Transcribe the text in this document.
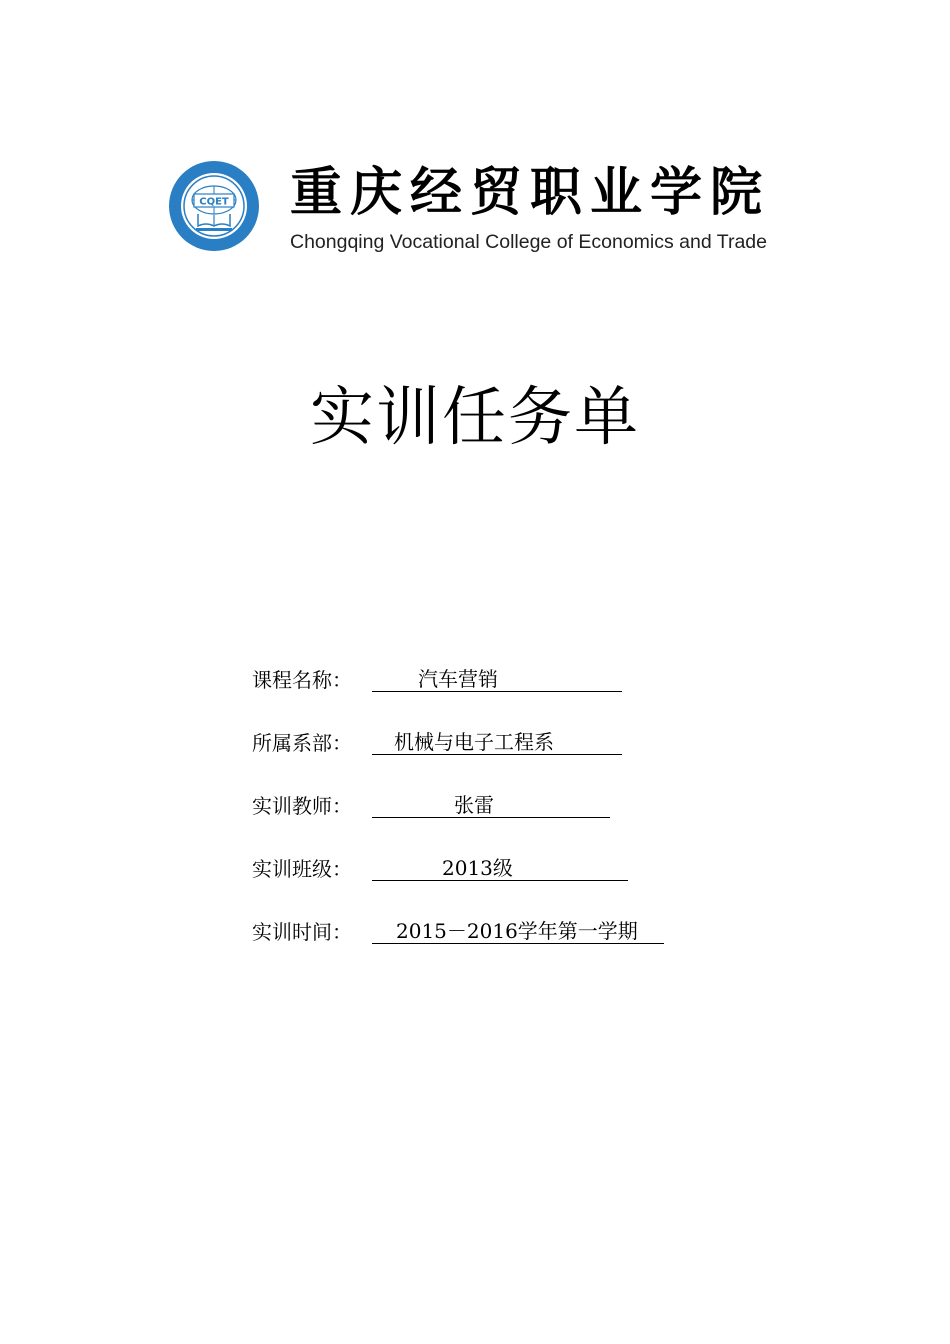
CQET 重庆经贸职业学院
Chongqing Vocational College of Economics and Trade
实训任务单
课程名称：	汽车营销
所属系部：	机械与电子工程系
实训教师：	张雷
实训班级：	2013级
实训时间：	2015－2016学年第一学期
